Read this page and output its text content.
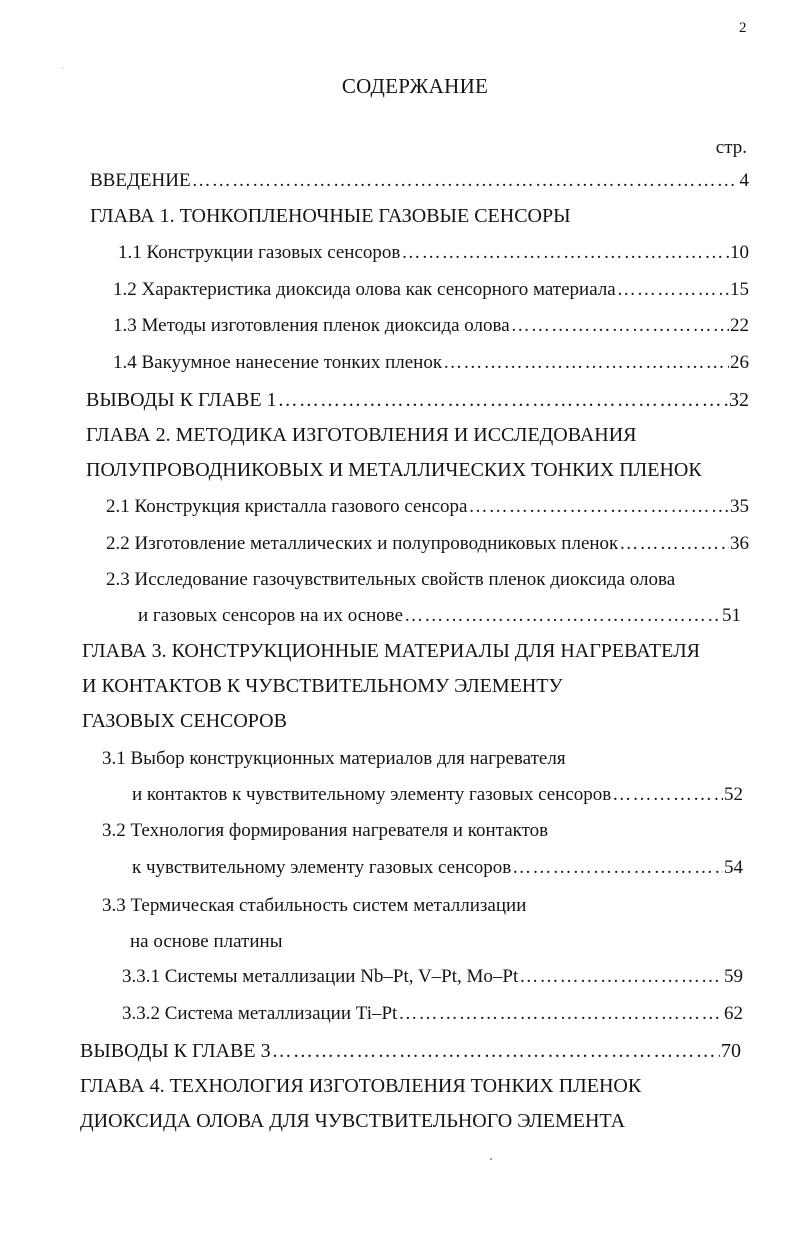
2
СОДЕРЖАНИЕ
стр.
ВВЕДЕНИЕ ……………………………………………………………………………………………………………………………………………………………	4
ГЛАВА 1. ТОНКОПЛЕНОЧНЫЕ ГАЗОВЫЕ СЕНСОРЫ
1.1 Конструкции газовых сенсоров ……………………………………………………………………………………………………………………………………………………………	10
1.2 Характеристика диоксида олова как сенсорного материала ……………………………………………………………………………………………………………………………………………………………	15
1.3 Методы изготовления пленок диоксида олова ……………………………………………………………………………………………………………………………………………………………	22
1.4 Вакуумное нанесение тонких пленок ……………………………………………………………………………………………………………………………………………………………	26
ВЫВОДЫ К ГЛАВЕ 1 ……………………………………………………………………………………………………………………………………………………………	32
ГЛАВА 2. МЕТОДИКА ИЗГОТОВЛЕНИЯ И ИССЛЕДОВАНИЯ
ПОЛУПРОВОДНИКОВЫХ И МЕТАЛЛИЧЕСКИХ ТОНКИХ ПЛЕНОК
2.1 Конструкция кристалла газового сенсора ……………………………………………………………………………………………………………………………………………………………	35
2.2 Изготовление металлических и полупроводниковых пленок ……………………………………………………………………………………………………………………………………………………………	36
2.3 Исследование газочувствительных свойств пленок диоксида олова
и газовых сенсоров на их основе ……………………………………………………………………………………………………………………………………………………………	51
ГЛАВА 3. КОНСТРУКЦИОННЫЕ МАТЕРИАЛЫ ДЛЯ НАГРЕВАТЕЛЯ
И КОНТАКТОВ К ЧУВСТВИТЕЛЬНОМУ ЭЛЕМЕНТУ
ГАЗОВЫХ СЕНСОРОВ
3.1 Выбор конструкционных материалов для нагревателя
и контактов к чувствительному элементу газовых сенсоров ……………………………………………………………………………………………………………………………………………………………	52
3.2 Технология формирования нагревателя и контактов
к чувствительному элементу газовых сенсоров ……………………………………………………………………………………………………………………………………………………………	54
3.3 Термическая стабильность систем металлизации
на основе платины
3.3.1 Системы металлизации Nb–Pt, V–Pt, Mo–Pt ……………………………………………………………………………………………………………………………………………………………	59
3.3.2 Система металлизации Ti–Pt ……………………………………………………………………………………………………………………………………………………………	62
ВЫВОДЫ К ГЛАВЕ 3 ……………………………………………………………………………………………………………………………………………………………	70
ГЛАВА 4. ТЕХНОЛОГИЯ ИЗГОТОВЛЕНИЯ ТОНКИХ ПЛЕНОК
ДИОКСИДА ОЛОВА ДЛЯ ЧУВСТВИТЕЛЬНОГО ЭЛЕМЕНТА
